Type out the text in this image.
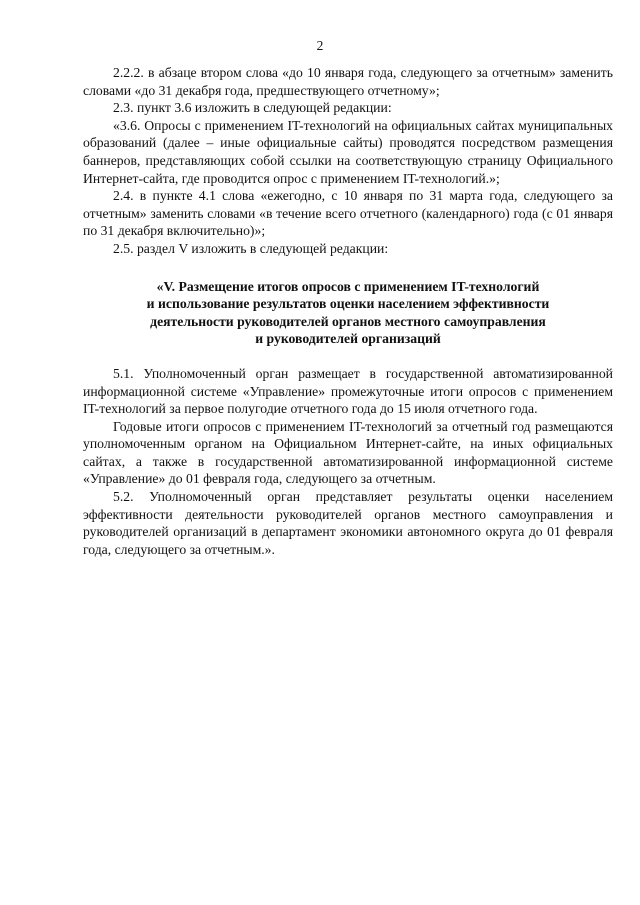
2

2.2.2. в абзаце втором слова «до 10 января года, следующего за отчетным» заменить словами «до 31 декабря года, предшествующего отчетному»;

2.3. пункт 3.6 изложить в следующей редакции:

«3.6. Опросы с применением IT-технологий на официальных сайтах муниципальных образований (далее – иные официальные сайты) проводятся посредством размещения баннеров, представляющих собой ссылки на соответствующую страницу Официального Интернет-сайта, где проводится опрос с применением IT-технологий.»;

2.4. в пункте 4.1 слова «ежегодно, с 10 января по 31 марта года, следующего за отчетным» заменить словами «в течение всего отчетного (календарного) года (с 01 января по 31 декабря включительно)»;

2.5. раздел V изложить в следующей редакции:

«V. Размещение итогов опросов с применением IT-технологий
и использование результатов оценки населением эффективности
деятельности руководителей органов местного самоуправления
и руководителей организаций

5.1. Уполномоченный орган размещает в государственной автоматизированной информационной системе «Управление» промежуточные итоги опросов с применением IT-технологий за первое полугодие отчетного года до 15 июля отчетного года.

Годовые итоги опросов с применением IT-технологий за отчетный год размещаются уполномоченным органом на Официальном Интернет-сайте, на иных официальных сайтах, а также в государственной автоматизированной информационной системе «Управление» до 01 февраля года, следующего за отчетным.

5.2. Уполномоченный орган представляет результаты оценки населением эффективности деятельности руководителей органов местного самоуправления и руководителей организаций в департамент экономики автономного округа до 01 февраля года, следующего за отчетным.».
